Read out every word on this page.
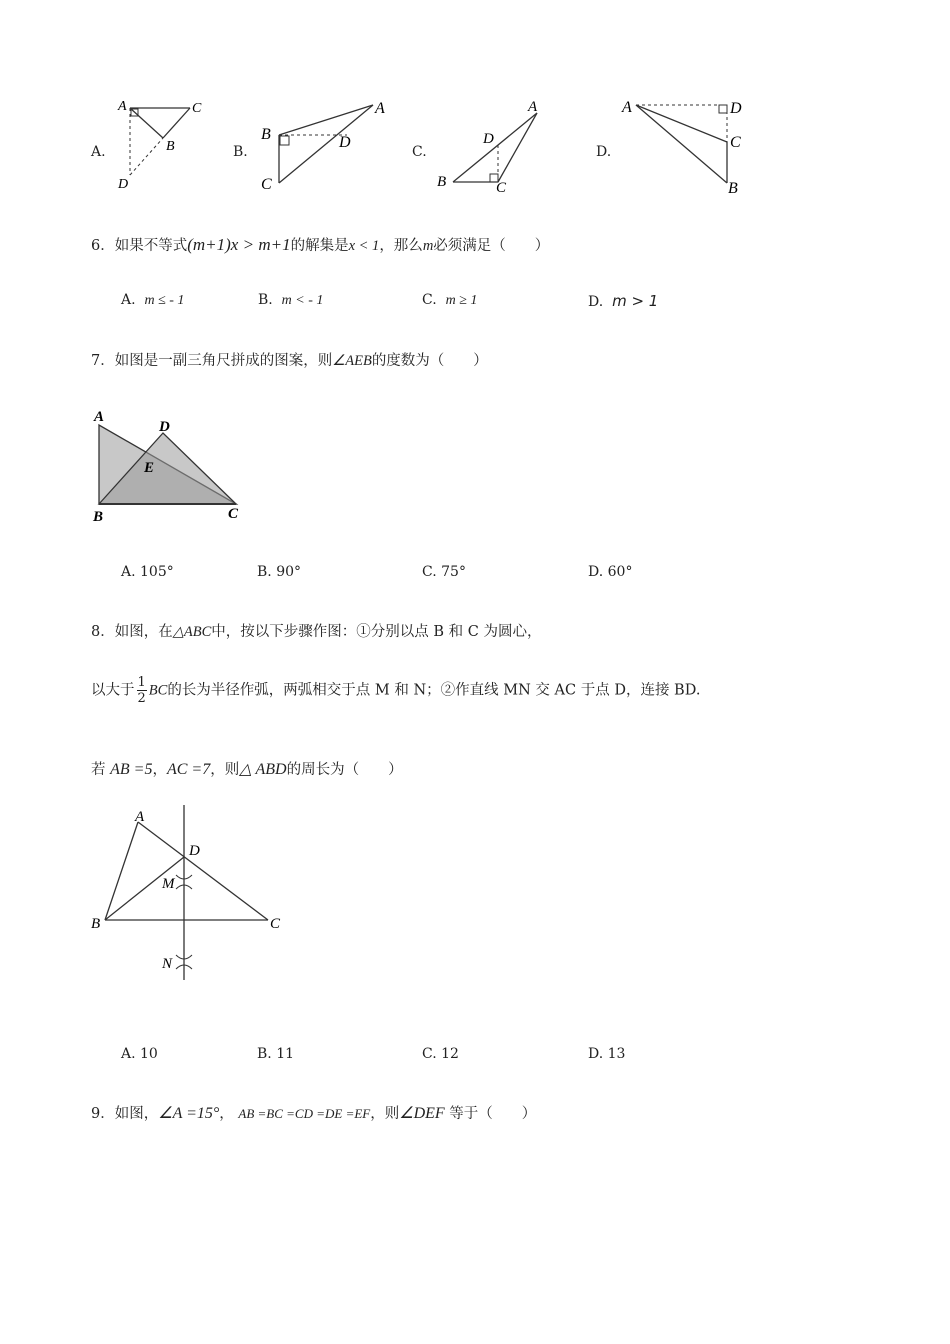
A.
A	C
B
D
B.
B
A
D
C
C.
A
D
B	C
D.
A	D
C
B
6．如果不等式(m+1)x > m+1的解集是x < 1，那么m必须满足（　　）
A. m ≤ - 1	B. m < - 1	C. m ≥ 1	D. m > 1
7．如图是一副三角尺拼成的图案，则∠AEB的度数为（　　）
A
D
E
B	C
A. 105°	B. 90°	C. 75°	D. 60°
8．如图，在△ABC中，按以下步骤作图：①分别以点 B 和 C 为圆心，
以大于 $\frac{1}{2}$ BC的长为半径作弧，两弧相交于点 M 和 N；②作直线 MN 交 AC 于点 D，连接 BD.
若 AB =5，AC =7，则△ ABD的周长为（　　）
A
D
M
B	C
N
A. 10	B. 11	C. 12	D. 13
9．如图，∠A =15°， AB =BC =CD =DE =EF，则∠DEF 等于（　　）
